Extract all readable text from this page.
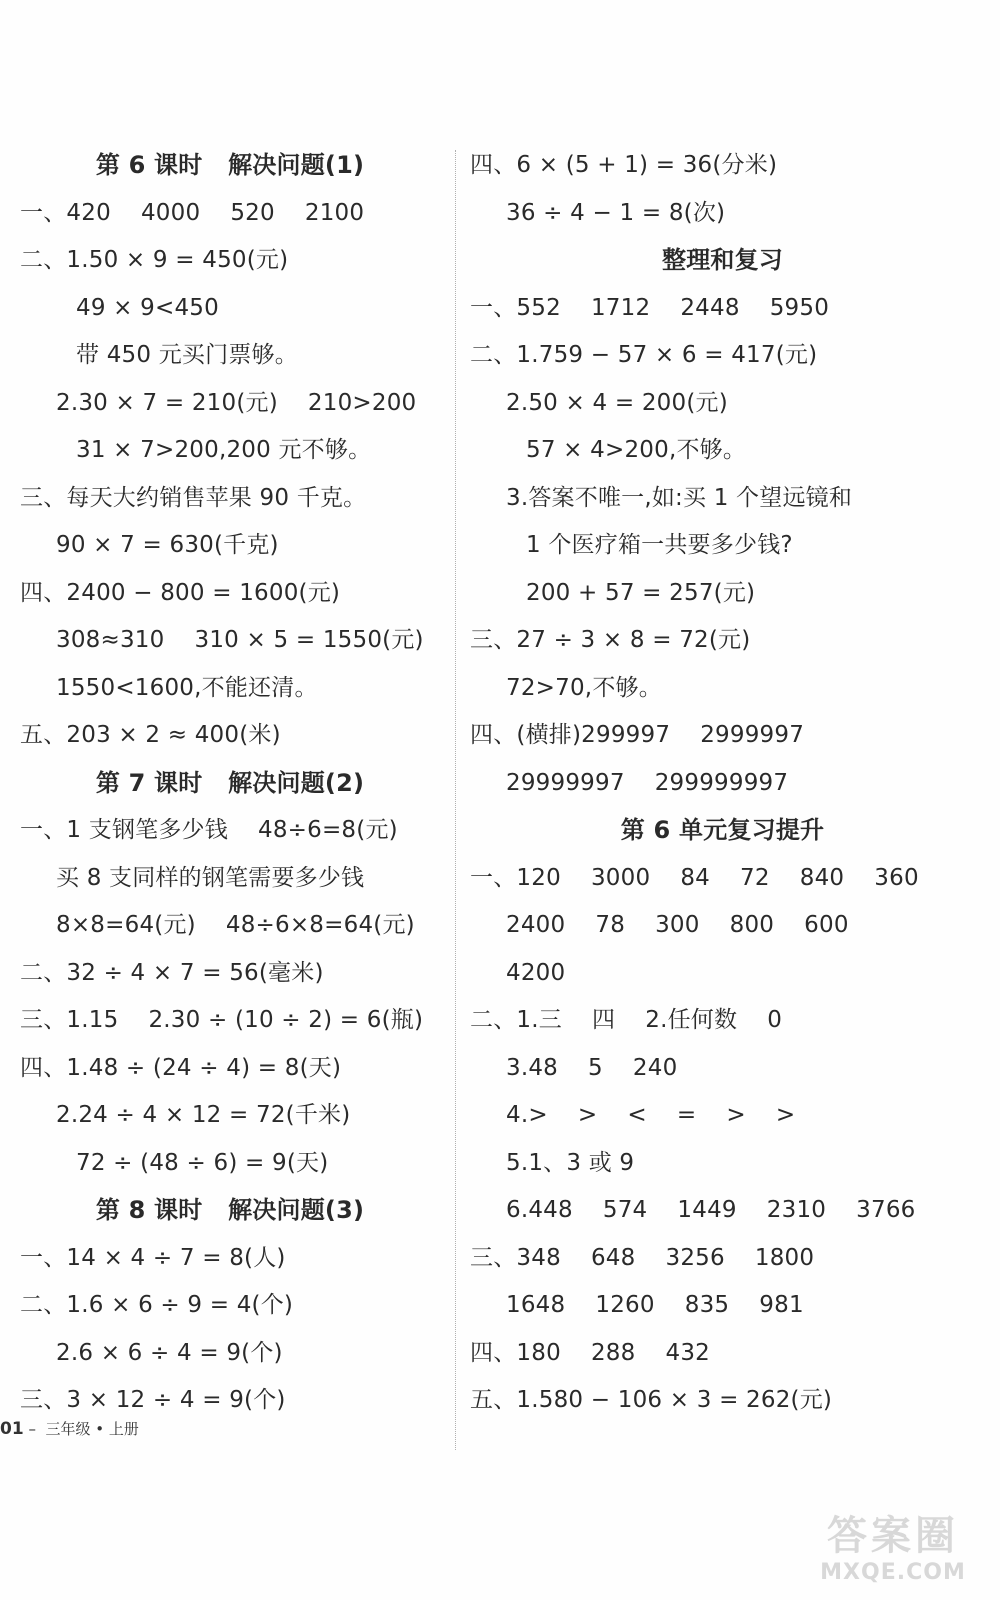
第 6 课时   解决问题(1)
一、420    4000    520    2100
二、1.50 × 9 = 450(元)
49 × 9<450
带 450 元买门票够。
2.30 × 7 = 210(元)    210>200
31 × 7>200,200 元不够。
三、每天大约销售苹果 90 千克。
90 × 7 = 630(千克)
四、2400 − 800 = 1600(元)
308≈310    310 × 5 = 1550(元)
1550<1600,不能还清。
五、203 × 2 ≈ 400(米)
第 7 课时   解决问题(2)
一、1 支钢笔多少钱    48÷6=8(元)
买 8 支同样的钢笔需要多少钱
8×8=64(元)    48÷6×8=64(元)
二、32 ÷ 4 × 7 = 56(毫米)
三、1.15    2.30 ÷ (10 ÷ 2) = 6(瓶)
四、1.48 ÷ (24 ÷ 4) = 8(天)
2.24 ÷ 4 × 12 = 72(千米)
72 ÷ (48 ÷ 6) = 9(天)
第 8 课时   解决问题(3)
一、14 × 4 ÷ 7 = 8(人)
二、1.6 × 6 ÷ 9 = 4(个)
2.6 × 6 ÷ 4 = 9(个)
三、3 × 12 ÷ 4 = 9(个)
四、6 × (5 + 1) = 36(分米)
36 ÷ 4 − 1 = 8(次)
整理和复习
一、552    1712    2448    5950
二、1.759 − 57 × 6 = 417(元)
2.50 × 4 = 200(元)
57 × 4>200,不够。
3.答案不唯一,如:买 1 个望远镜和
1 个医疗箱一共要多少钱?
200 + 57 = 257(元)
三、27 ÷ 3 × 8 = 72(元)
72>70,不够。
四、(横排)299997    2999997
29999997    299999997
第 6 单元复习提升
一、120    3000    84    72    840    360
2400    78    300    800    600
4200
二、1.三    四    2.任何数    0
3.48    5    240
4.>    >    <    =    >    >
5.1、3 或 9
6.448    574    1449    2310    3766
三、348    648    3256    1800
1648    1260    835    981
四、180    288    432
五、1.580 − 106 × 3 = 262(元)
01 –  三年级 • 上册
答案圈
MXQE.COM
